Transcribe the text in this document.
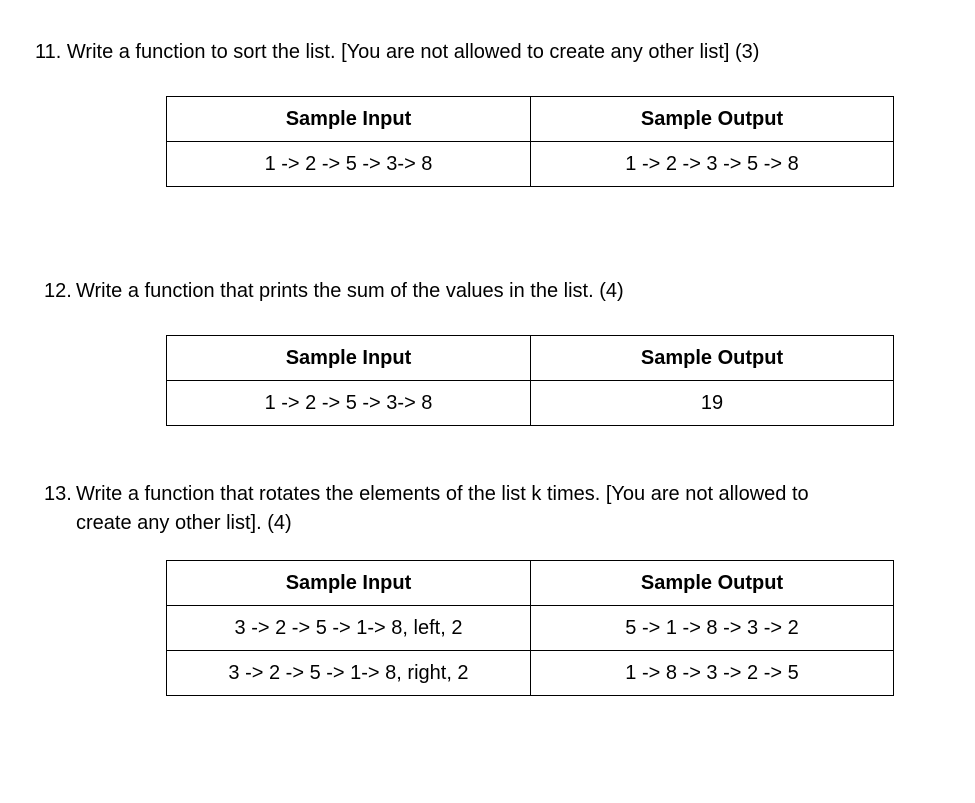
11. Write a function to sort the list. [You are not allowed to create any other list] (3)

Sample Input	Sample Output
1 -> 2 -> 5 -> 3-> 8	1 -> 2 -> 3 -> 5 -> 8

12. Write a function that prints the sum of the values in the list. (4)

Sample Input	Sample Output
1 -> 2 -> 5 -> 3-> 8	19

13. Write a function that rotates the elements of the list k times. [You are not allowed to
create any other list]. (4)

Sample Input	Sample Output
3 -> 2 -> 5 -> 1-> 8, left, 2	5 -> 1 -> 8 -> 3 -> 2
3 -> 2 -> 5 -> 1-> 8, right, 2	1 -> 8 -> 3 -> 2 -> 5
